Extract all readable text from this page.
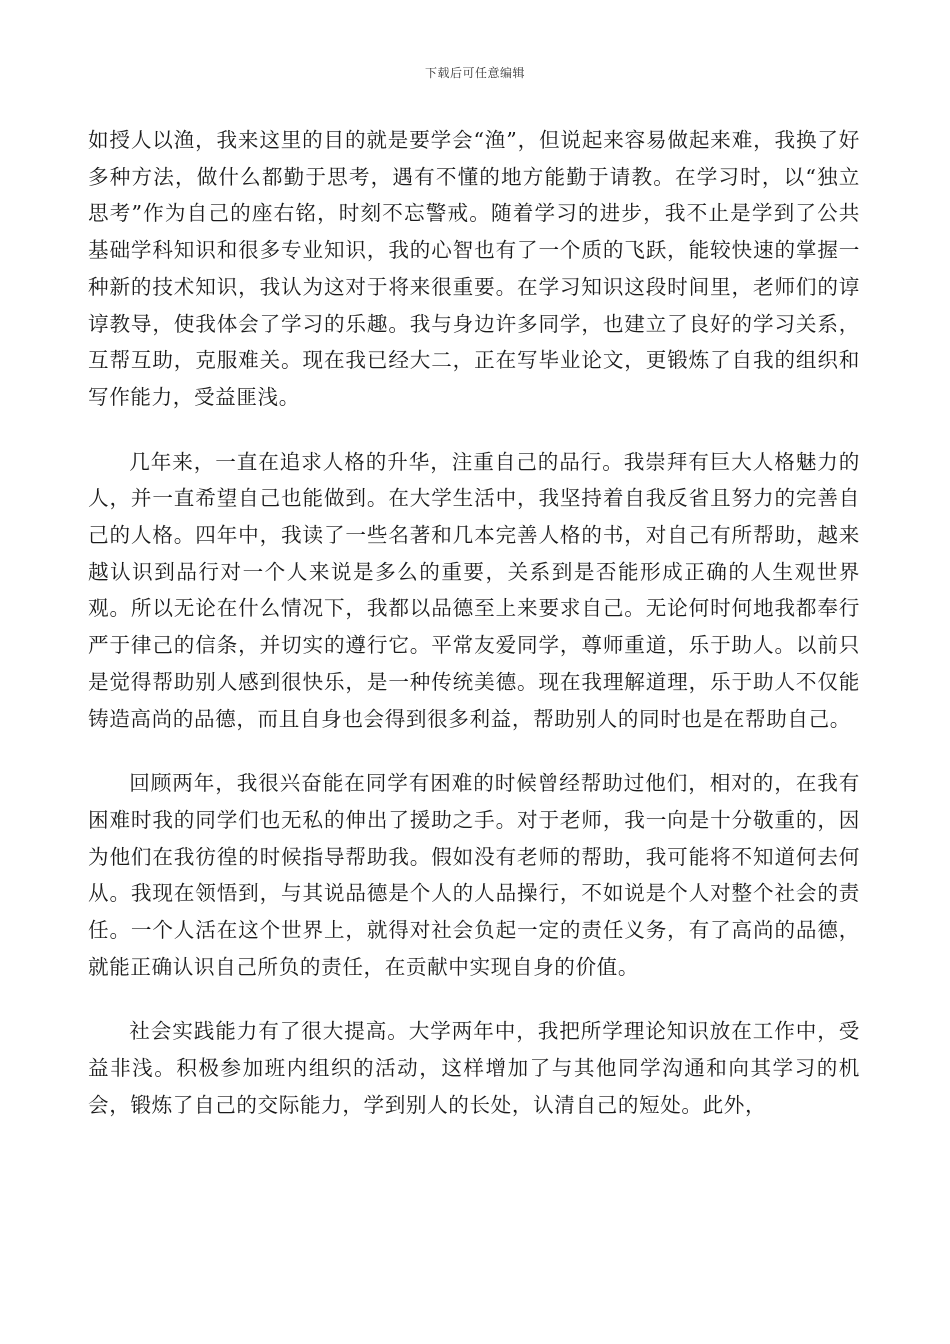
下载后可任意编辑

如授人以渔，我来这里的目的就是要学会“渔”，但说起来容易做起来难，我换了好多种方法，做什么都勤于思考，遇有不懂的地方能勤于请教。在学习时，以“独立思考”作为自己的座右铭，时刻不忘警戒。随着学习的进步，我不止是学到了公共基础学科知识和很多专业知识，我的心智也有了一个质的飞跃，能较快速的掌握一种新的技术知识，我认为这对于将来很重要。在学习知识这段时间里，老师们的谆谆教导，使我体会了学习的乐趣。我与身边许多同学，也建立了良好的学习关系，互帮互助，克服难关。现在我已经大二，正在写毕业论文，更锻炼了自我的组织和写作能力，受益匪浅。

几年来，一直在追求人格的升华，注重自己的品行。我崇拜有巨大人格魅力的人，并一直希望自己也能做到。在大学生活中，我坚持着自我反省且努力的完善自己的人格。四年中，我读了一些名著和几本完善人格的书，对自己有所帮助，越来越认识到品行对一个人来说是多么的重要，关系到是否能形成正确的人生观世界观。所以无论在什么情况下，我都以品德至上来要求自己。无论何时何地我都奉行严于律己的信条，并切实的遵行它。平常友爱同学，尊师重道，乐于助人。以前只是觉得帮助别人感到很快乐，是一种传统美德。现在我理解道理，乐于助人不仅能铸造高尚的品德，而且自身也会得到很多利益，帮助别人的同时也是在帮助自己。

回顾两年，我很兴奋能在同学有困难的时候曾经帮助过他们，相对的，在我有困难时我的同学们也无私的伸出了援助之手。对于老师，我一向是十分敬重的，因为他们在我彷徨的时候指导帮助我。假如没有老师的帮助，我可能将不知道何去何从。我现在领悟到，与其说品德是个人的人品操行，不如说是个人对整个社会的责任。一个人活在这个世界上，就得对社会负起一定的责任义务，有了高尚的品德，就能正确认识自己所负的责任，在贡献中实现自身的价值。

社会实践能力有了很大提高。大学两年中，我把所学理论知识放在工作中，受益非浅。积极参加班内组织的活动，这样增加了与其他同学沟通和向其学习的机会，锻炼了自己的交际能力，学到别人的长处，认清自己的短处。此外，
